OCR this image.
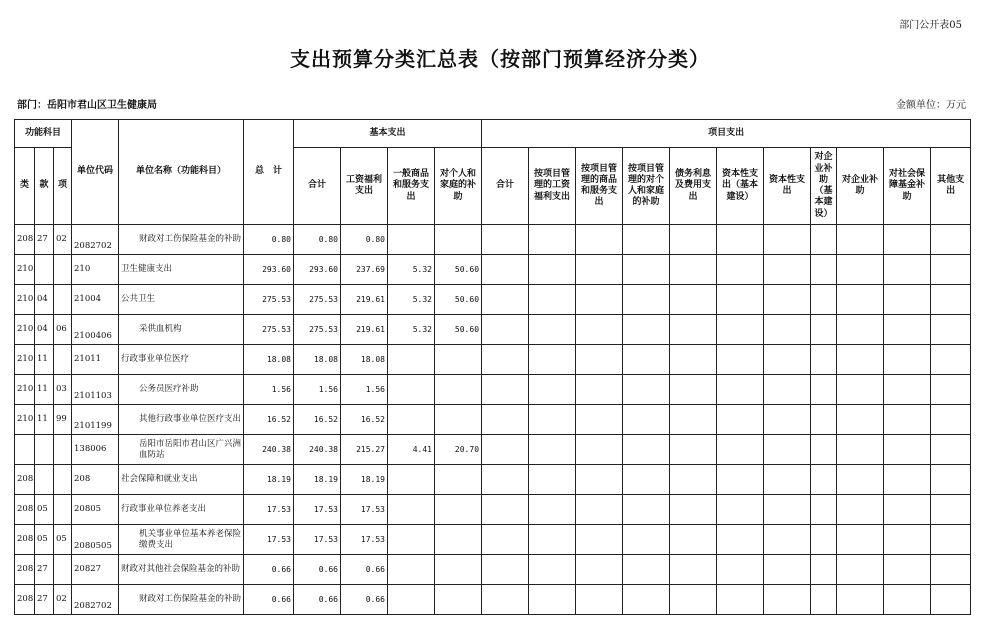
部门公开表05
支出预算分类汇总表（按部门预算经济分类）
部门：岳阳市君山区卫生健康局	金额单位：万元
功能科目			单位代码	单位名称（功能科目）	总　计	基本支出				项目支出										
类	款	项				合计	工资福利支出	一般商品和服务支出	对个人和家庭的补助	合计	按项目管理的工资福利支出	按项目管理的商品和服务支出	按项目管理的对个人和家庭的补助	债务利息及费用支出	资本性支出（基本建设）	资本性支出	对企业补助（基本建设）	对企业补助	对社会保障基金补助	其他支出
208	27	02	2082702	财政对工伤保险基金的补助	0.80	0.80	0.80													
210			210	卫生健康支出	293.60	293.60	237.69	5.32	50.60											
210	04		21004	公共卫生	275.53	275.53	219.61	5.32	50.60											
210	04	06	2100406	采供血机构	275.53	275.53	219.61	5.32	50.60											
210	11		21011	行政事业单位医疗	18.08	18.08	18.08													
210	11	03	2101103	公务员医疗补助	1.56	1.56	1.56													
210	11	99	2101199	其他行政事业单位医疗支出	16.52	16.52	16.52													
			138006	岳阳市岳阳市君山区广兴洲血防站	240.38	240.38	215.27	4.41	20.70											
208			208	社会保障和就业支出	18.19	18.19	18.19													
208	05		20805	行政事业单位养老支出	17.53	17.53	17.53													
208	05	05	2080505	机关事业单位基本养老保险缴费支出	17.53	17.53	17.53													
208	27		20827	财政对其他社会保险基金的补助	0.66	0.66	0.66													
208	27	02	2082702	财政对工伤保险基金的补助	0.66	0.66	0.66													
